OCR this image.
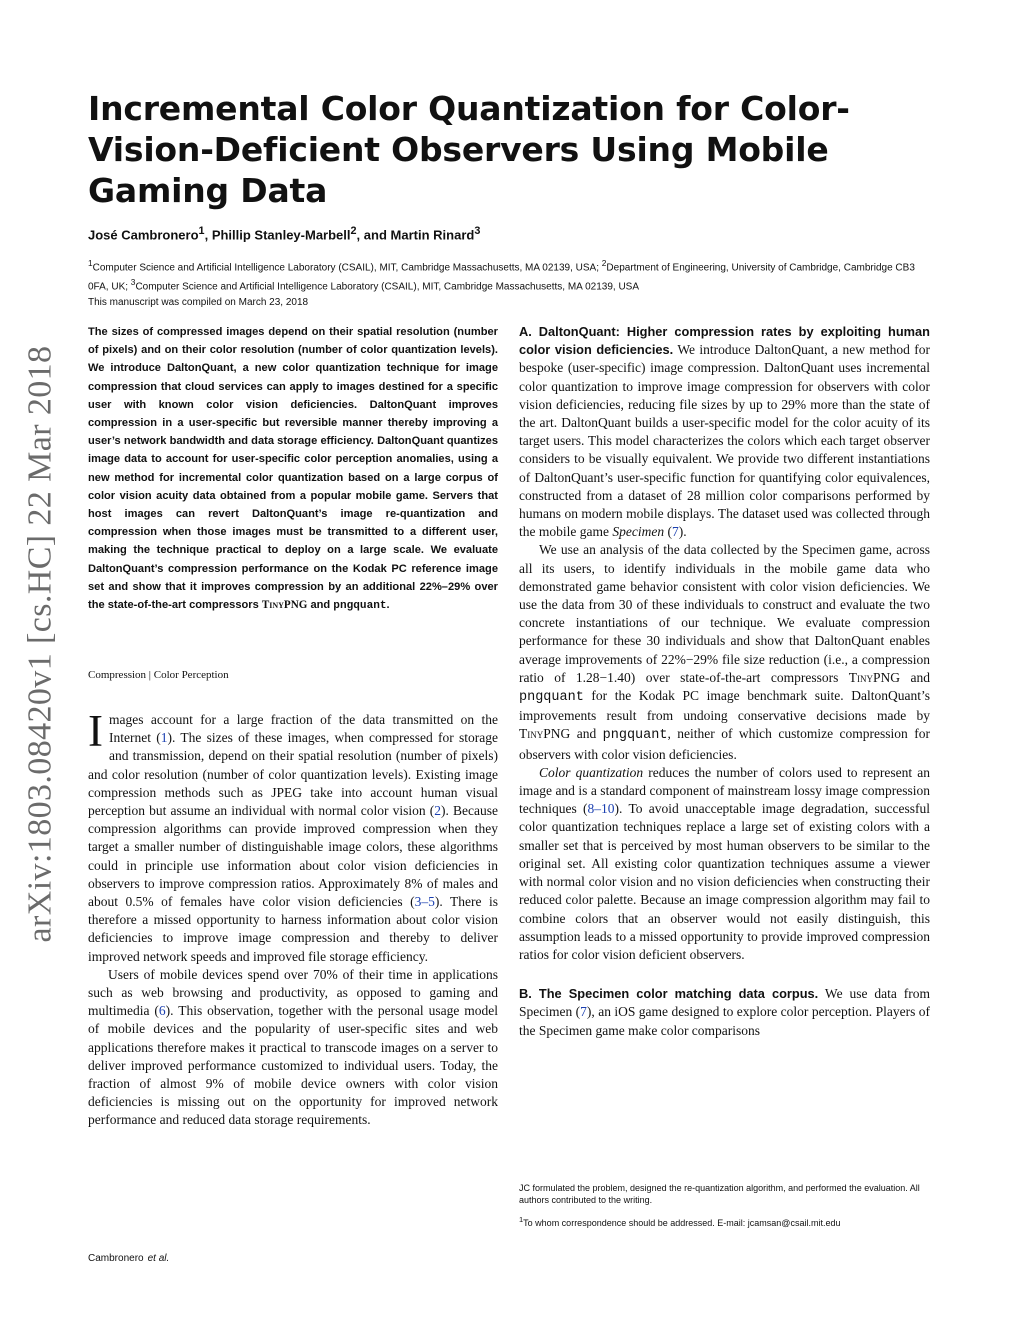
arXiv:1803.08420v1 [cs.HC] 22 Mar 2018
Incremental Color Quantization for Color-Vision-Deficient Observers Using Mobile Gaming Data
José Cambronero$^1$, Phillip Stanley-Marbell$^2$, and Martin Rinard$^3$
$^1$Computer Science and Artificial Intelligence Laboratory (CSAIL), MIT, Cambridge Massachusetts, MA 02139, USA; $^2$Department of Engineering, University of Cambridge, Cambridge CB3 0FA, UK; $^3$Computer Science and Artificial Intelligence Laboratory (CSAIL), MIT, Cambridge Massachusetts, MA 02139, USA
This manuscript was compiled on March 23, 2018

The sizes of compressed images depend on their spatial resolution (number of pixels) and on their color resolution (number of color quantization levels). We introduce DaltonQuant, a new color quantization technique for image compression that cloud services can apply to images destined for a specific user with known color vision deficiencies. DaltonQuant improves compression in a user-specific but reversible manner thereby improving a user’s network bandwidth and data storage efficiency. DaltonQuant quantizes image data to account for user-specific color perception anomalies, using a new method for incremental color quantization based on a large corpus of color vision acuity data obtained from a popular mobile game. Servers that host images can revert DaltonQuant’s image re-quantization and compression when those images must be transmitted to a different user, making the technique practical to deploy on a large scale. We evaluate DaltonQuant’s compression performance on the Kodak PC reference image set and show that it improves compression by an additional 22%–29% over the state-of-the-art compressors TinyPNG and pngquant.

Compression | Color Perception

Images account for a large fraction of the data transmitted on the Internet (1). The sizes of these images, when compressed for storage and transmission, depend on their spatial resolution (number of pixels) and color resolution (number of color quantization levels). Existing image compression methods such as JPEG take into account human visual perception but assume an individual with normal color vision (2). Because compression algorithms can provide improved compression when they target a smaller number of distinguishable image colors, these algorithms could in principle use information about color vision deficiencies in observers to improve compression ratios. Approximately 8% of males and about 0.5% of females have color vision deficiencies (3–5). There is therefore a missed opportunity to harness information about color vision deficiencies to improve image compression and thereby to deliver improved network speeds and improved file storage efficiency.

Users of mobile devices spend over 70% of their time in applications such as web browsing and productivity, as opposed to gaming and multimedia (6). This observation, together with the personal usage model of mobile devices and the popularity of user-specific sites and web applications therefore makes it practical to transcode images on a server to deliver improved performance customized to individual users. Today, the fraction of almost 9% of mobile device owners with color vision deficiencies is missing out on the opportunity for improved network performance and reduced data storage requirements.

A. DaltonQuant: Higher compression rates by exploiting human color vision deficiencies. We introduce DaltonQuant, a new method for bespoke (user-specific) image compression. DaltonQuant uses incremental color quantization to improve image compression for observers with color vision deficiencies, reducing file sizes by up to 29% more than the state of the art. DaltonQuant builds a user-specific model for the color acuity of its target users. This model characterizes the colors which each target observer considers to be visually equivalent. We provide two different instantiations of DaltonQuant’s user-specific function for quantifying color equivalences, constructed from a dataset of 28 million color comparisons performed by humans on modern mobile displays. The dataset used was collected through the mobile game Specimen (7).

We use an analysis of the data collected by the Specimen game, across all its users, to identify individuals in the mobile game data who demonstrated game behavior consistent with color vision deficiencies. We use the data from 30 of these individuals to construct and evaluate the two concrete instantiations of our technique. We evaluate compression performance for these 30 individuals and show that DaltonQuant enables average improvements of 22%−29% file size reduction (i.e., a compression ratio of 1.28−1.40) over state-of-the-art compressors TinyPNG and pngquant for the Kodak PC image benchmark suite. DaltonQuant’s improvements result from undoing conservative decisions made by TinyPNG and pngquant, neither of which customize compression for observers with color vision deficiencies.

Color quantization reduces the number of colors used to represent an image and is a standard component of mainstream lossy image compression techniques (8–10). To avoid unacceptable image degradation, successful color quantization techniques replace a large set of existing colors with a smaller set that is perceived by most human observers to be similar to the original set. All existing color quantization techniques assume a viewer with normal color vision and no vision deficiencies when constructing their reduced color palette. Because an image compression algorithm may fail to combine colors that an observer would not easily distinguish, this assumption leads to a missed opportunity to provide improved compression ratios for color vision deficient observers.

B. The Specimen color matching data corpus. We use data from Specimen (7), an iOS game designed to explore color perception. Players of the Specimen game make color comparisons

JC formulated the problem, designed the re-quantization algorithm, and performed the evaluation. All authors contributed to the writing.

$^1$To whom correspondence should be addressed. E-mail: jcamsan@csail.mit.edu

Cambronero et al.
